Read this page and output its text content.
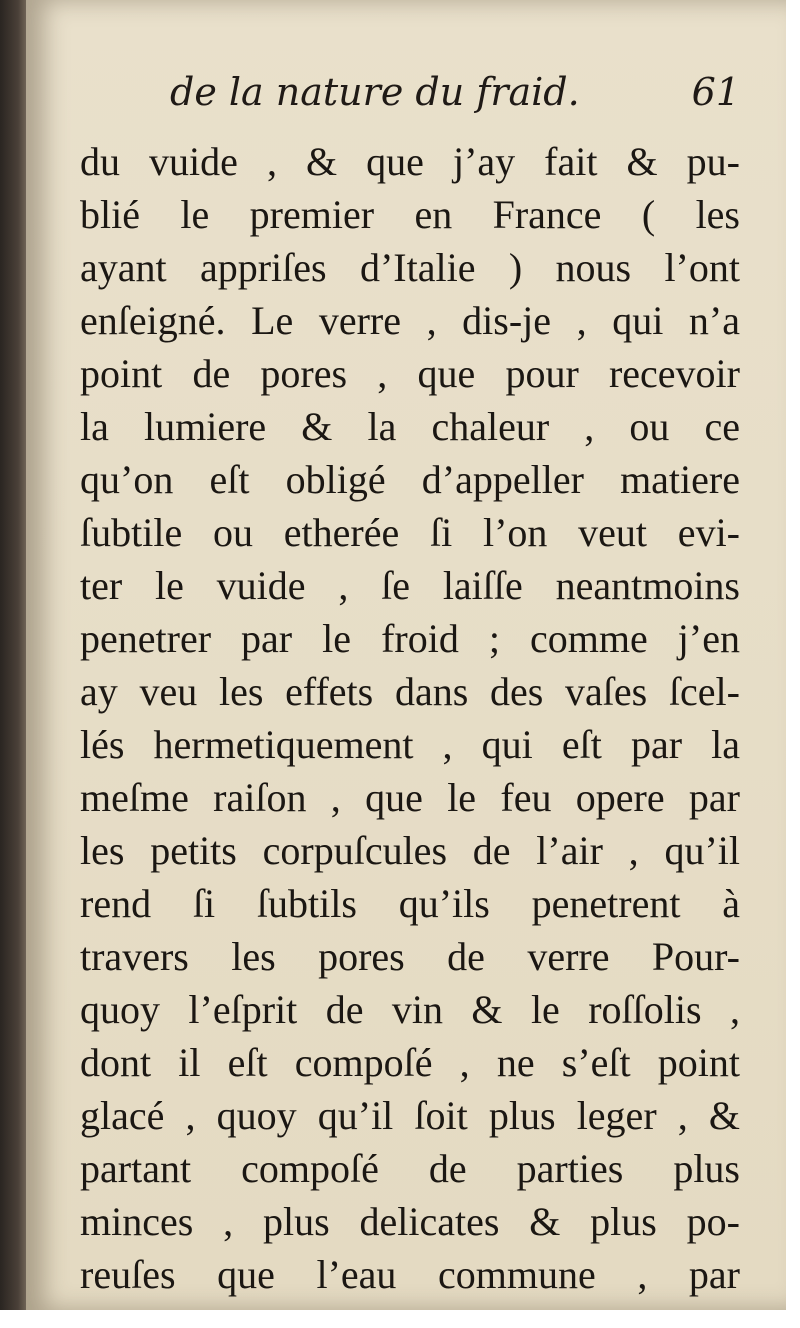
de la nature du fraid.	61
du vuide , & que j’ay fait & pu-
blié le premier en France ( les
ayant appriſes d’Italie ) nous l’ont
enſeigné. Le verre , dis-je , qui n’a
point de pores , que pour recevoir
la lumiere & la chaleur , ou ce
qu’on eſt obligé d’appeller matiere
ſubtile ou etherée ſi l’on veut evi-
ter le vuide , ſe laiſſe neantmoins
penetrer par le froid ; comme j’en
ay veu les effets dans des vaſes ſcel-
lés hermetiquement , qui eſt par la
meſme raiſon , que le feu opere par
les petits corpuſcules de l’air , qu’il
rend ſi ſubtils qu’ils penetrent à
travers les pores de verre Pour-
quoy l’eſprit de vin & le roſſolis ,
dont il eſt compoſé , ne s’eſt point
glacé , quoy qu’il ſoit plus leger , &
partant compoſé de parties plus
minces , plus delicates & plus po-
reuſes que l’eau commune , par
